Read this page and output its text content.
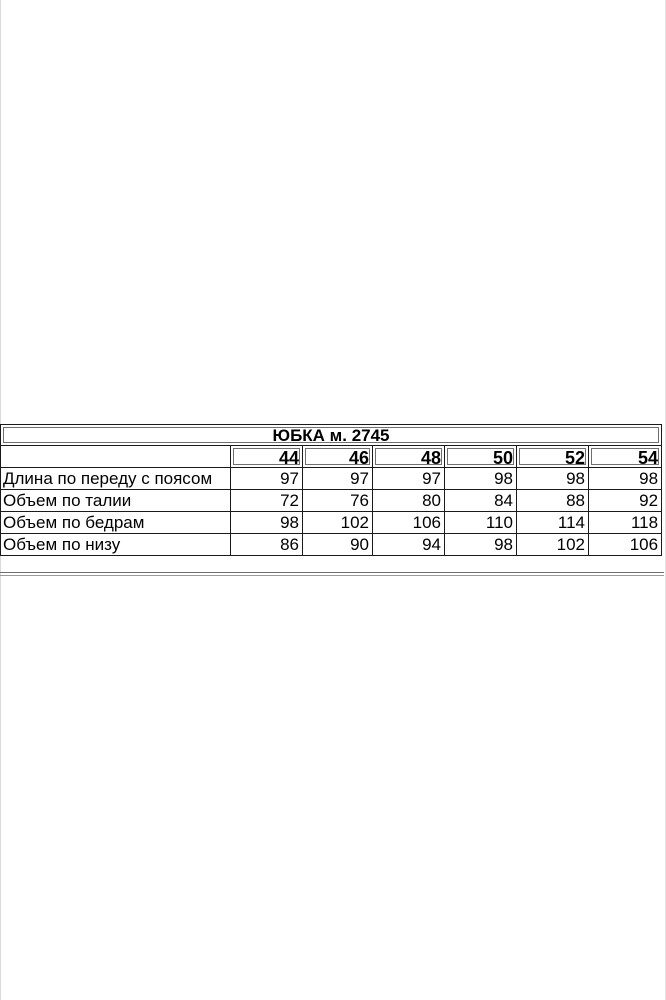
ЮБКА м. 2745						
	44	46	48	50	52	54
Длина по переду с поясом	97	97	97	98	98	98
Объем по талии	72	76	80	84	88	92
Объем по бедрам	98	102	106	110	114	118
Объем по низу	86	90	94	98	102	106
